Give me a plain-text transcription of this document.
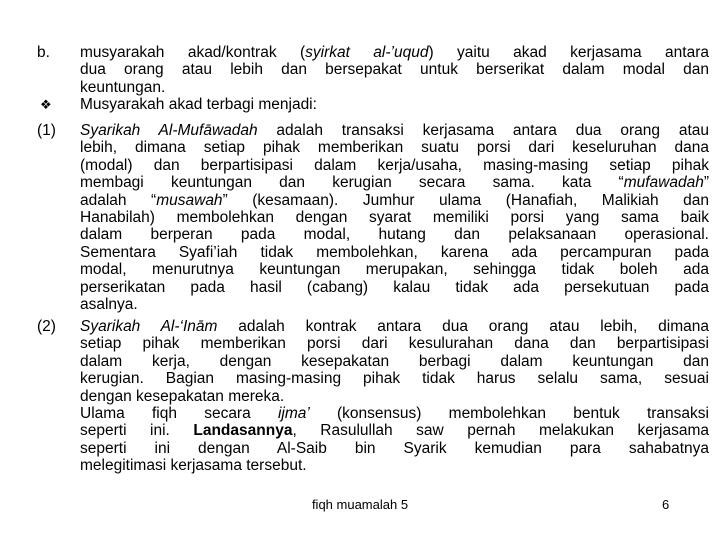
b.	musyarakah akad/kontrak (syirkat al-’uqud) yaitu akad kerjasama antara
dua orang atau lebih dan bersepakat untuk berserikat dalam modal dan
keuntungan.
❖	Musyarakah akad terbagi menjadi:
(1)	Syarikah Al-Mufāwadah adalah transaksi kerjasama antara dua orang atau
lebih, dimana setiap pihak memberikan suatu porsi dari keseluruhan dana
(modal) dan berpartisipasi dalam kerja/usaha, masing-masing setiap pihak
membagi keuntungan dan kerugian secara sama. kata “mufawadah”
adalah “musawah” (kesamaan). Jumhur ulama (Hanafiah, Malikiah dan
Hanabilah) membolehkan dengan syarat memiliki porsi yang sama baik
dalam berperan pada modal, hutang dan pelaksanaan operasional.
Sementara Syafi’iah tidak membolehkan, karena ada percampuran pada
modal, menurutnya keuntungan merupakan, sehingga tidak boleh ada
perserikatan pada hasil (cabang) kalau tidak ada persekutuan pada
asalnya.
(2)	Syarikah Al-‘Inām adalah kontrak antara dua orang atau lebih, dimana
setiap pihak memberikan porsi dari kesulurahan dana dan berpartisipasi
dalam kerja, dengan kesepakatan berbagi dalam keuntungan dan
kerugian. Bagian masing-masing pihak tidak harus selalu sama, sesuai
dengan kesepakatan mereka.
Ulama fiqh secara ijma’ (konsensus) membolehkan bentuk transaksi
seperti ini. Landasannya, Rasulullah saw pernah melakukan kerjasama
seperti ini dengan Al-Saib bin Syarik kemudian para sahabatnya
melegitimasi kerjasama tersebut.
fiqh muamalah 5	6
